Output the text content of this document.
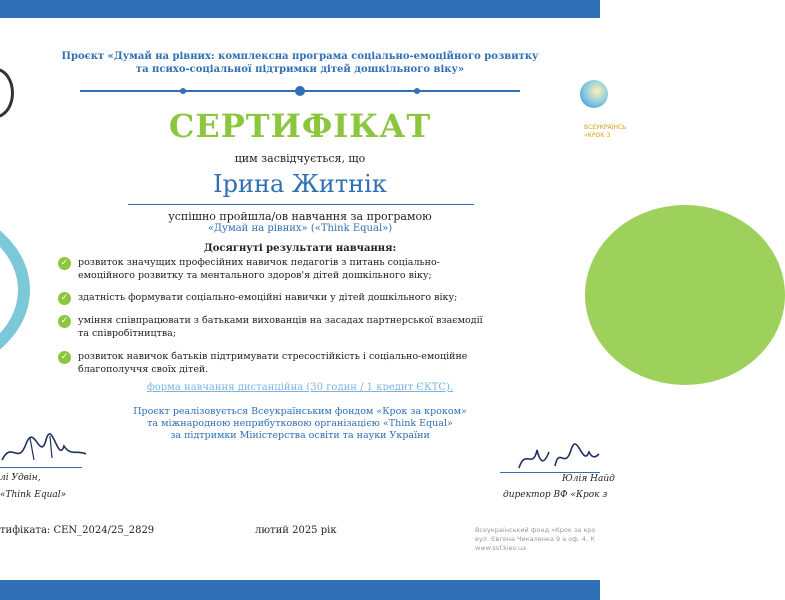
ВСЕУКРАЇНСЬ
«КРОК З
Проєкт «Думай на рівних: комплексна програма соціально-емоційного розвитку та психо-соціальної підтримки дітей дошкільного віку»
СЕРТИФІКАТ
цим засвідчується, що
Ірина Житнік
успішно пройшла/ов навчання за програмою
«Думай на рівних» («Think Equal»)
Досягнуті результати навчання:
✓ розвиток значущих професійних навичок педагогів з питань соціально-емоційного розвитку та ментального здоров'я дітей дошкільного віку;
✓ здатність формувати соціально-емоційні навички у дітей дошкільного віку;
✓ уміння співпрацювати з батьками вихованців на засадах партнерської взаємодії та співробітництва;
✓ розвиток навичок батьків підтримувати стресостійкість і соціально-емоційне благополуччя своїх дітей.
форма навчання дистанційна (30 годин / 1 кредит ЄКТС).
Проєкт реалізовується Всеукраїнським фондом «Крок за кроком»
та міжнародною неприбутковою організацією «Think Equal»
за підтримки Міністерства освіти та науки України
лі Удвін,
«Think Equal»
Юлія Найд
директор ВФ «Крок з
тифіката: CEN_2024/25_2829	лютий 2025 рік	Всеукраїнський фонд «Крок за кро
вул. Євгена Чикаленка 9 а оф. 4, К
www.ssf.kiev.ua
